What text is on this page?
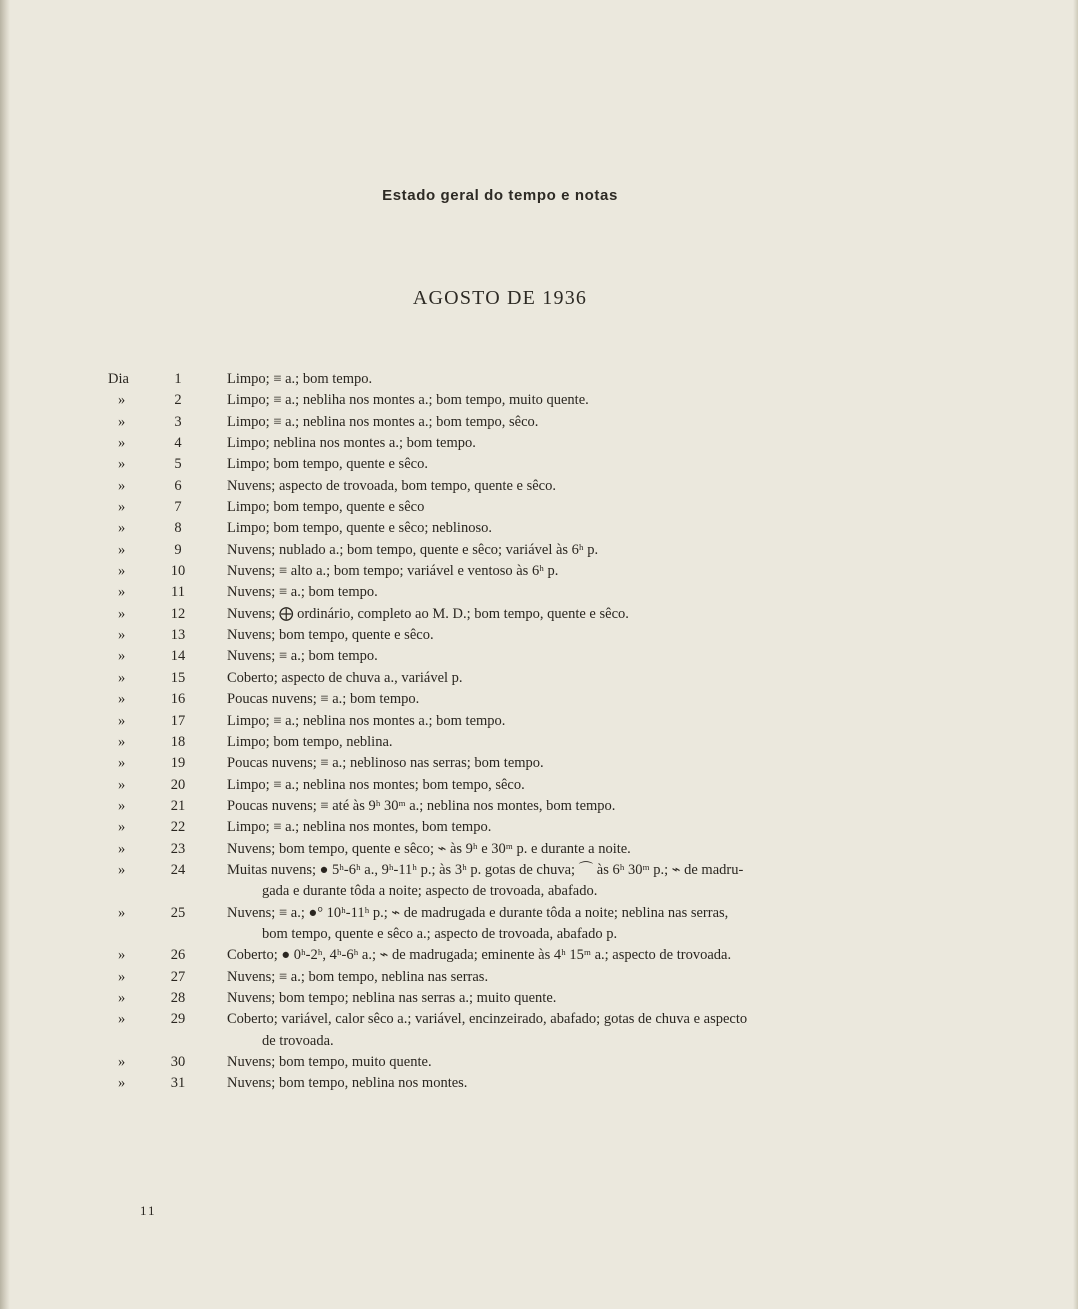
Estado geral do tempo e notas
AGOSTO DE 1936
Dia	1	Limpo; ≡ a.; bom tempo.
»	2	Limpo; ≡ a.; nebliha nos montes a.; bom tempo, muito quente.
»	3	Limpo; ≡ a.; neblina nos montes a.; bom tempo, sêco.
»	4	Limpo; neblina nos montes a.; bom tempo.
»	5	Limpo; bom tempo, quente e sêco.
»	6	Nuvens; aspecto de trovoada, bom tempo, quente e sêco.
»	7	Limpo; bom tempo, quente e sêco
»	8	Limpo; bom tempo, quente e sêco; neblinoso.
»	9	Nuvens; nublado a.; bom tempo, quente e sêco; variável às 6ʰ p.
»	10	Nuvens; ≡ alto a.; bom tempo; variável e ventoso às 6ʰ p.
»	11	Nuvens; ≡ a.; bom tempo.
»	12	Nuvens; ⨁ ordinário, completo ao M. D.; bom tempo, quente e sêco.
»	13	Nuvens; bom tempo, quente e sêco.
»	14	Nuvens; ≡ a.; bom tempo.
»	15	Coberto; aspecto de chuva a., variável p.
»	16	Poucas nuvens; ≡ a.; bom tempo.
»	17	Limpo; ≡ a.; neblina nos montes a.; bom tempo.
»	18	Limpo; bom tempo, neblina.
»	19	Poucas nuvens; ≡ a.; neblinoso nas serras; bom tempo.
»	20	Limpo; ≡ a.; neblina nos montes; bom tempo, sêco.
»	21	Poucas nuvens; ≡ até às 9ʰ 30ᵐ a.; neblina nos montes, bom tempo.
»	22	Limpo; ≡ a.; neblina nos montes, bom tempo.
»	23	Nuvens; bom tempo, quente e sêco; ⌁ às 9ʰ e 30ᵐ p. e durante a noite.
»	24	Muitas nuvens; ● 5ʰ-6ʰ a., 9ʰ-11ʰ p.; às 3ʰ p. gotas de chuva; ⌒ às 6ʰ 30ᵐ p.; ⌁ de madru-
gada e durante tôda a noite; aspecto de trovoada, abafado.
»	25	Nuvens; ≡ a.; ●° 10ʰ-11ʰ p.; ⌁ de madrugada e durante tôda a noite; neblina nas serras,
bom tempo, quente e sêco a.; aspecto de trovoada, abafado p.
»	26	Coberto; ● 0ʰ-2ʰ, 4ʰ-6ʰ a.; ⌁ de madrugada; eminente às 4ʰ 15ᵐ a.; aspecto de trovoada.
»	27	Nuvens; ≡ a.; bom tempo, neblina nas serras.
»	28	Nuvens; bom tempo; neblina nas serras a.; muito quente.
»	29	Coberto; variável, calor sêco a.; variável, encinzeirado, abafado; gotas de chuva e aspecto
de trovoada.
»	30	Nuvens; bom tempo, muito quente.
»	31	Nuvens; bom tempo, neblina nos montes.
11
